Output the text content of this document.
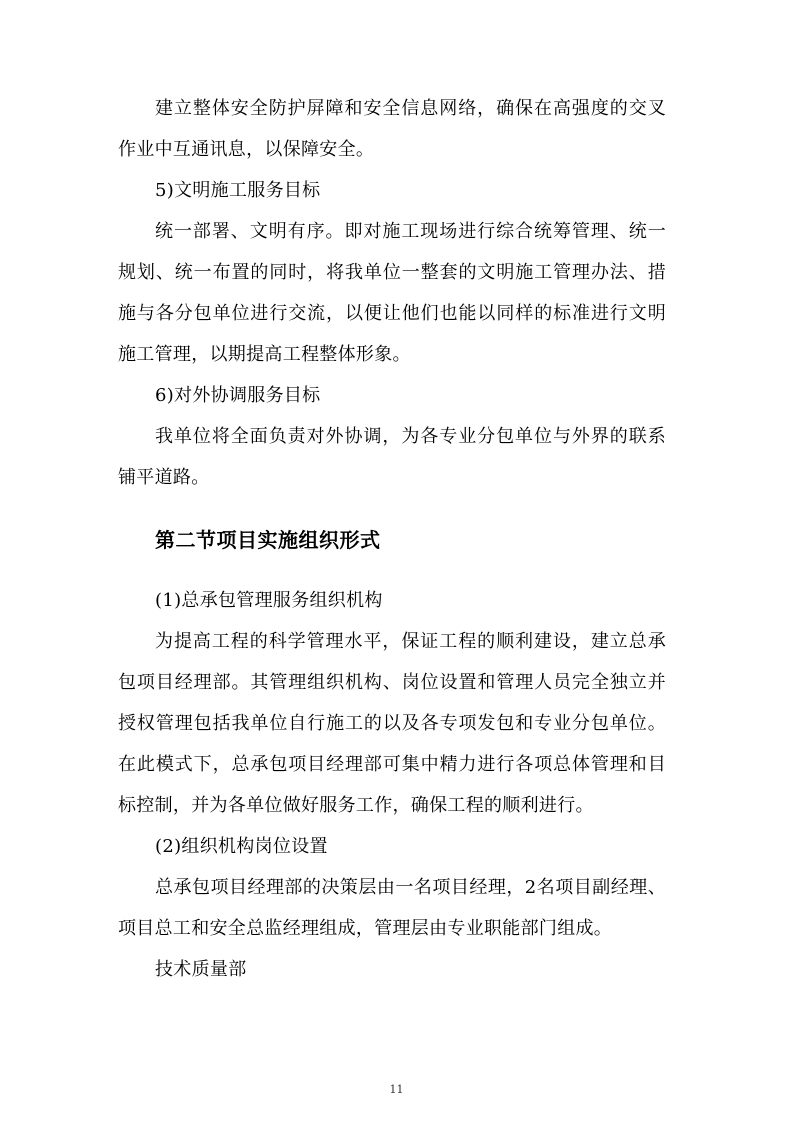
建立整体安全防护屏障和安全信息网络，确保在高强度的交叉作业中互通讯息，以保障安全。

5)文明施工服务目标

统一部署、文明有序。即对施工现场进行综合统筹管理、统一规划、统一布置的同时，将我单位一整套的文明施工管理办法、措施与各分包单位进行交流，以便让他们也能以同样的标准进行文明施工管理，以期提高工程整体形象。

6)对外协调服务目标

我单位将全面负责对外协调，为各专业分包单位与外界的联系铺平道路。

第二节项目实施组织形式

(1)总承包管理服务组织机构

为提高工程的科学管理水平，保证工程的顺利建设，建立总承包项目经理部。其管理组织机构、岗位设置和管理人员完全独立并授权管理包括我单位自行施工的以及各专项发包和专业分包单位。在此模式下，总承包项目经理部可集中精力进行各项总体管理和目标控制，并为各单位做好服务工作，确保工程的顺利进行。

(2)组织机构岗位设置

总承包项目经理部的决策层由一名项目经理，2名项目副经理、项目总工和安全总监经理组成，管理层由专业职能部门组成。

技术质量部

11
